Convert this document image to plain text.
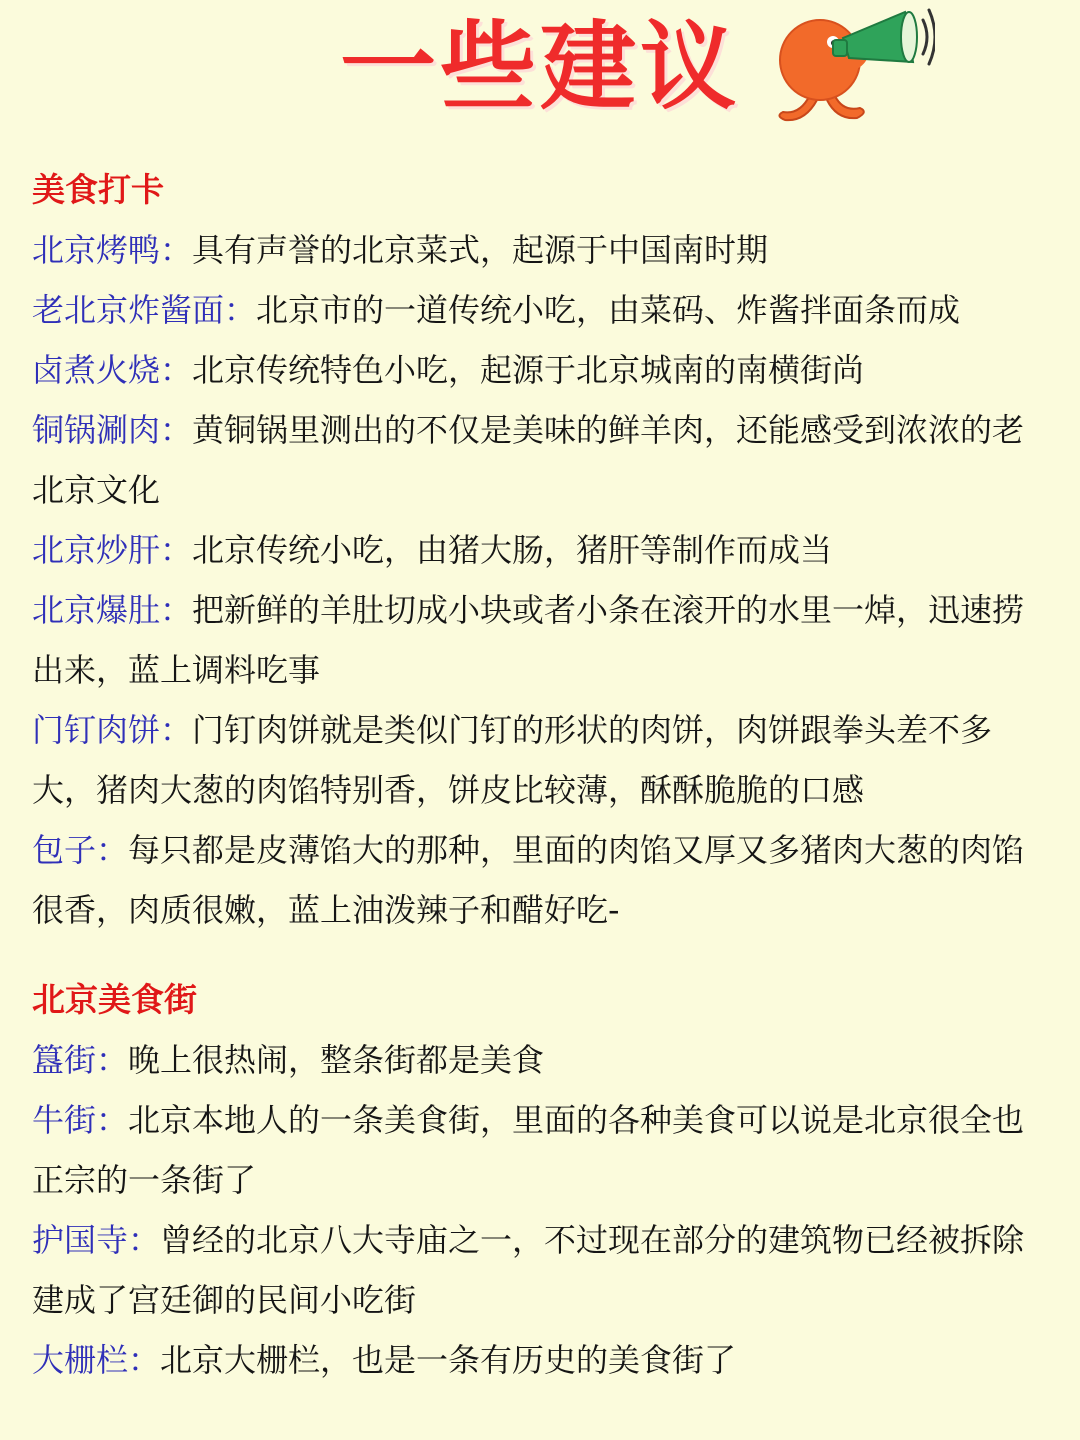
一些建议
美食打卡

北京烤鸭：具有声誉的北京菜式，起源于中国南时期

老北京炸酱面：北京市的一道传统小吃，由菜码、炸酱拌面条而成

卤煮火烧：北京传统特色小吃，起源于北京城南的南横街尚

铜锅涮肉：黄铜锅里测出的不仅是美味的鲜羊肉，还能感受到浓浓的老北京文化

北京炒肝：北京传统小吃，由猪大肠，猪肝等制作而成当

北京爆肚：把新鲜的羊肚切成小块或者小条在滚开的水里一焯，迅速捞出来，蓝上调料吃事

门钉肉饼：门钉肉饼就是类似门钉的形状的肉饼，肉饼跟拳头差不多大，猪肉大葱的肉馅特别香，饼皮比较薄，酥酥脆脆的口感

包子：每只都是皮薄馅大的那种，里面的肉馅又厚又多猪肉大葱的肉馅很香，肉质很嫩，蓝上油泼辣子和醋好吃-

北京美食街

簋街：晚上很热闹，整条街都是美食

牛街：北京本地人的一条美食街，里面的各种美食可以说是北京很全也正宗的一条街了

护国寺：曾经的北京八大寺庙之一，不过现在部分的建筑物已经被拆除建成了宫廷御的民间小吃街

大栅栏：北京大栅栏，也是一条有历史的美食街了
